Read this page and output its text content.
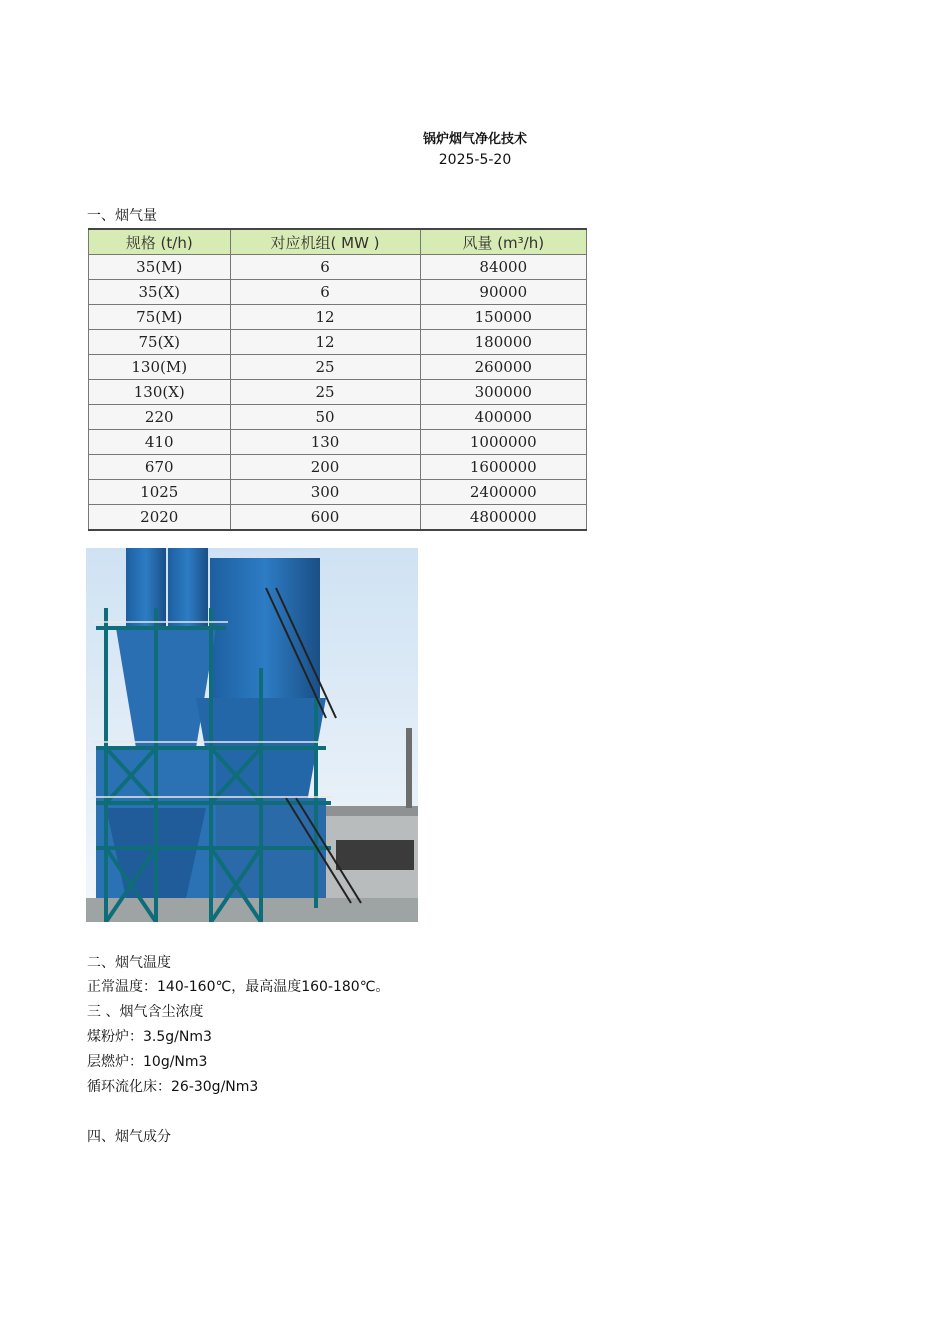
锅炉烟气净化技术
2025-5-20
一、烟气量
规格 (t/h)	对应机组( MW )	风量 (m³/h)
35(M)	6	84000
35(X)	6	90000
75(M)	12	150000
75(X)	12	180000
130(M)	25	260000
130(X)	25	300000
220	50	400000
410	130	1000000
670	200	1600000
1025	300	2400000
2020	600	4800000
二、烟气温度
正常温度：140-160℃，最高温度160-180℃。
三 、烟气含尘浓度
煤粉炉：3.5g/Nm3
层燃炉：10g/Nm3
循环流化床：26-30g/Nm3
四、烟气成分
